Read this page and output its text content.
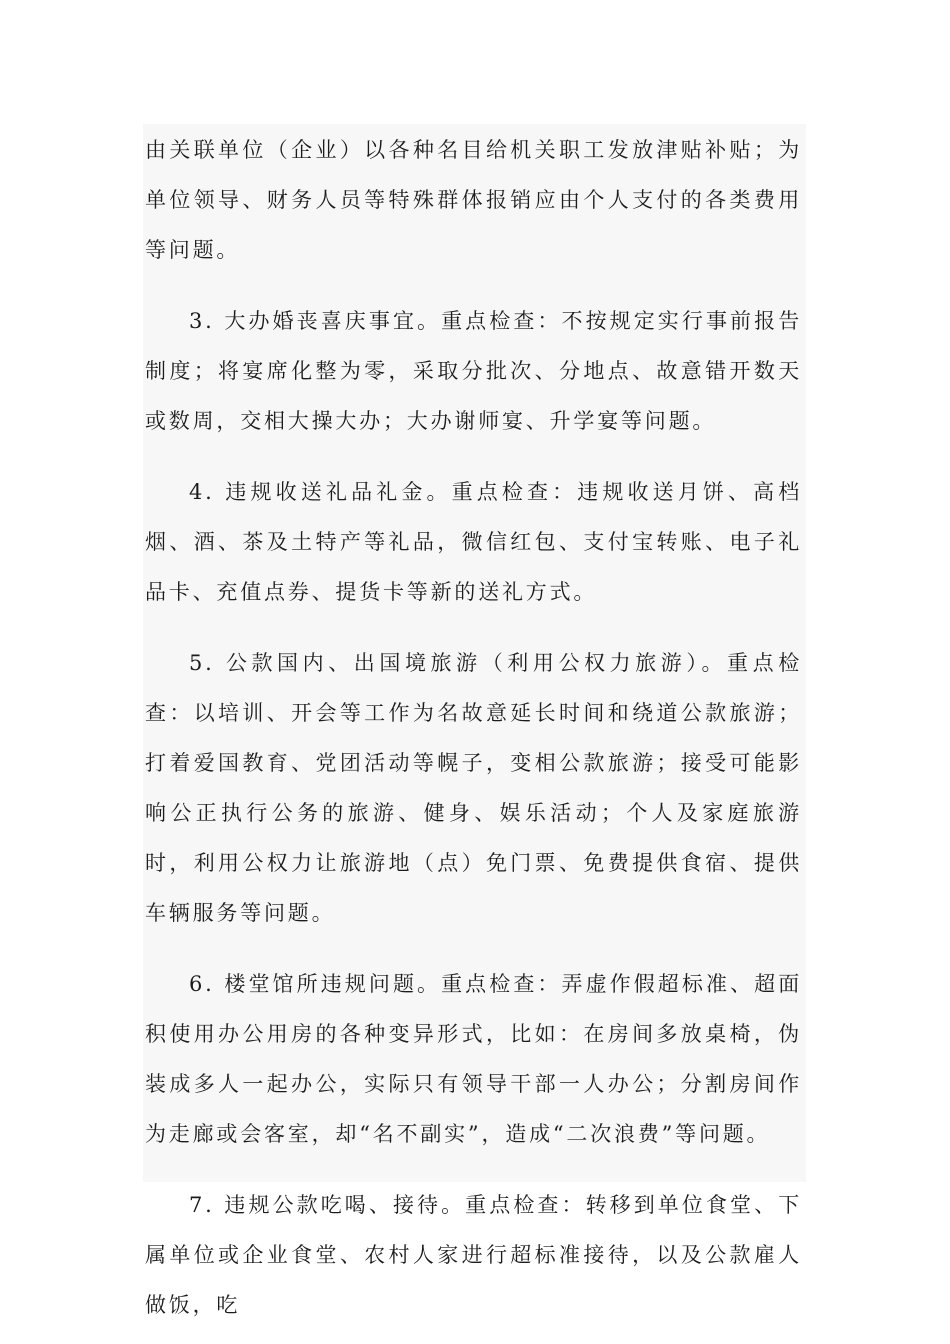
由关联单位（企业）以各种名目给机关职工发放津贴补贴；为单位领导、财务人员等特殊群体报销应由个人支付的各类费用等问题。

3. 大办婚丧喜庆事宜。重点检查：不按规定实行事前报告制度；将宴席化整为零，采取分批次、分地点、故意错开数天或数周，交相大操大办；大办谢师宴、升学宴等问题。

4. 违规收送礼品礼金。重点检查：违规收送月饼、高档烟、酒、茶及土特产等礼品，微信红包、支付宝转账、电子礼品卡、充值点券、提货卡等新的送礼方式。

5. 公款国内、出国境旅游（利用公权力旅游）。重点检查：以培训、开会等工作为名故意延长时间和绕道公款旅游；打着爱国教育、党团活动等幌子，变相公款旅游；接受可能影响公正执行公务的旅游、健身、娱乐活动；个人及家庭旅游时，利用公权力让旅游地（点）免门票、免费提供食宿、提供车辆服务等问题。

6. 楼堂馆所违规问题。重点检查：弄虚作假超标准、超面积使用办公用房的各种变异形式，比如：在房间多放桌椅，伪装成多人一起办公，实际只有领导干部一人办公；分割房间作为走廊或会客室，却“名不副实”，造成“二次浪费”等问题。

7. 违规公款吃喝、接待。重点检查：转移到单位食堂、下属单位或企业食堂、农村人家进行超标准接待，以及公款雇人做饭，吃
